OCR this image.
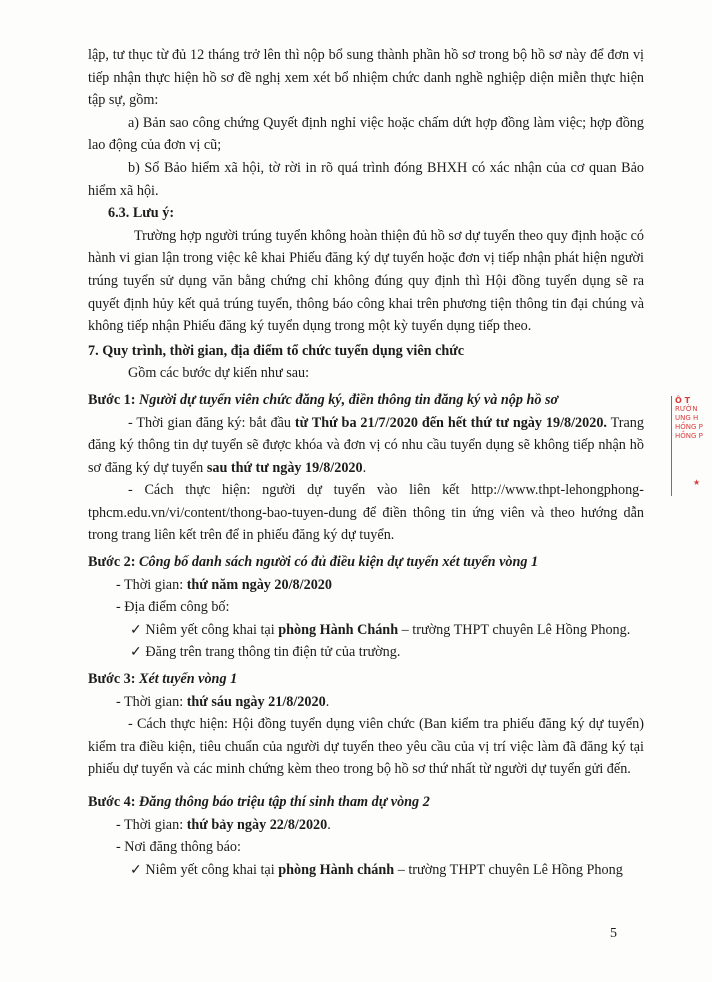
lập, tư thục từ đủ 12 tháng trở lên thì nộp bổ sung thành phần hồ sơ trong bộ hồ sơ này để đơn vị tiếp nhận thực hiện hồ sơ đề nghị xem xét bổ nhiệm chức danh nghề nghiệp diện miễn thực hiện tập sự, gồm:

a) Bản sao công chứng Quyết định nghỉ việc hoặc chấm dứt hợp đồng làm việc; hợp đồng lao động của đơn vị cũ;

b) Sổ Bảo hiểm xã hội, tờ rời in rõ quá trình đóng BHXH có xác nhận của cơ quan Bảo hiểm xã hội.

6.3. Lưu ý:

Trường hợp người trúng tuyển không hoàn thiện đủ hồ sơ dự tuyển theo quy định hoặc có hành vi gian lận trong việc kê khai Phiếu đăng ký dự tuyển hoặc đơn vị tiếp nhận phát hiện người trúng tuyển sử dụng văn bằng chứng chỉ không đúng quy định thì Hội đồng tuyển dụng sẽ ra quyết định hủy kết quả trúng tuyển, thông báo công khai trên phương tiện thông tin đại chúng và không tiếp nhận Phiếu đăng ký tuyển dụng trong một kỳ tuyển dụng tiếp theo.

7. Quy trình, thời gian, địa điểm tổ chức tuyển dụng viên chức

Gồm các bước dự kiến như sau:

Bước 1: Người dự tuyển viên chức đăng ký, điền thông tin đăng ký và nộp hồ sơ

- Thời gian đăng ký: bắt đầu từ Thứ ba 21/7/2020 đến hết thứ tư ngày 19/8/2020. Trang đăng ký thông tin dự tuyển sẽ được khóa và đơn vị có nhu cầu tuyển dụng sẽ không tiếp nhận hồ sơ đăng ký dự tuyển sau thứ tư ngày 19/8/2020.

- Cách thực hiện: người dự tuyển vào liên kết http://www.thpt-lehongphong-tphcm.edu.vn/vi/content/thong-bao-tuyen-dung để điền thông tin ứng viên và theo hướng dẫn trong trang liên kết trên để in phiếu đăng ký dự tuyển.

Bước 2: Công bố danh sách người có đủ điều kiện dự tuyển xét tuyển vòng 1

- Thời gian: thứ năm ngày 20/8/2020

- Địa điểm công bố:

✓ Niêm yết công khai tại phòng Hành Chánh – trường THPT chuyên Lê Hồng Phong.

✓ Đăng trên trang thông tin điện tử của trường.

Bước 3: Xét tuyển vòng 1

- Thời gian: thứ sáu ngày 21/8/2020.

- Cách thực hiện: Hội đồng tuyển dụng viên chức (Ban kiểm tra phiếu đăng ký dự tuyển) kiểm tra điều kiện, tiêu chuẩn của người dự tuyển theo yêu cầu của vị trí việc làm đã đăng ký tại phiếu dự tuyển và các minh chứng kèm theo trong bộ hồ sơ thứ nhất từ người dự tuyển gửi đến.

Bước 4: Đăng thông báo triệu tập thí sinh tham dự vòng 2

- Thời gian: thứ bảy ngày 22/8/2020.

- Nơi đăng thông báo:

✓ Niêm yết công khai tại phòng Hành chánh – trường THPT chuyên Lê Hồng Phong

Ô T
RƯỜN
UNG H
HỒNG P
HỒNG P
★
5
